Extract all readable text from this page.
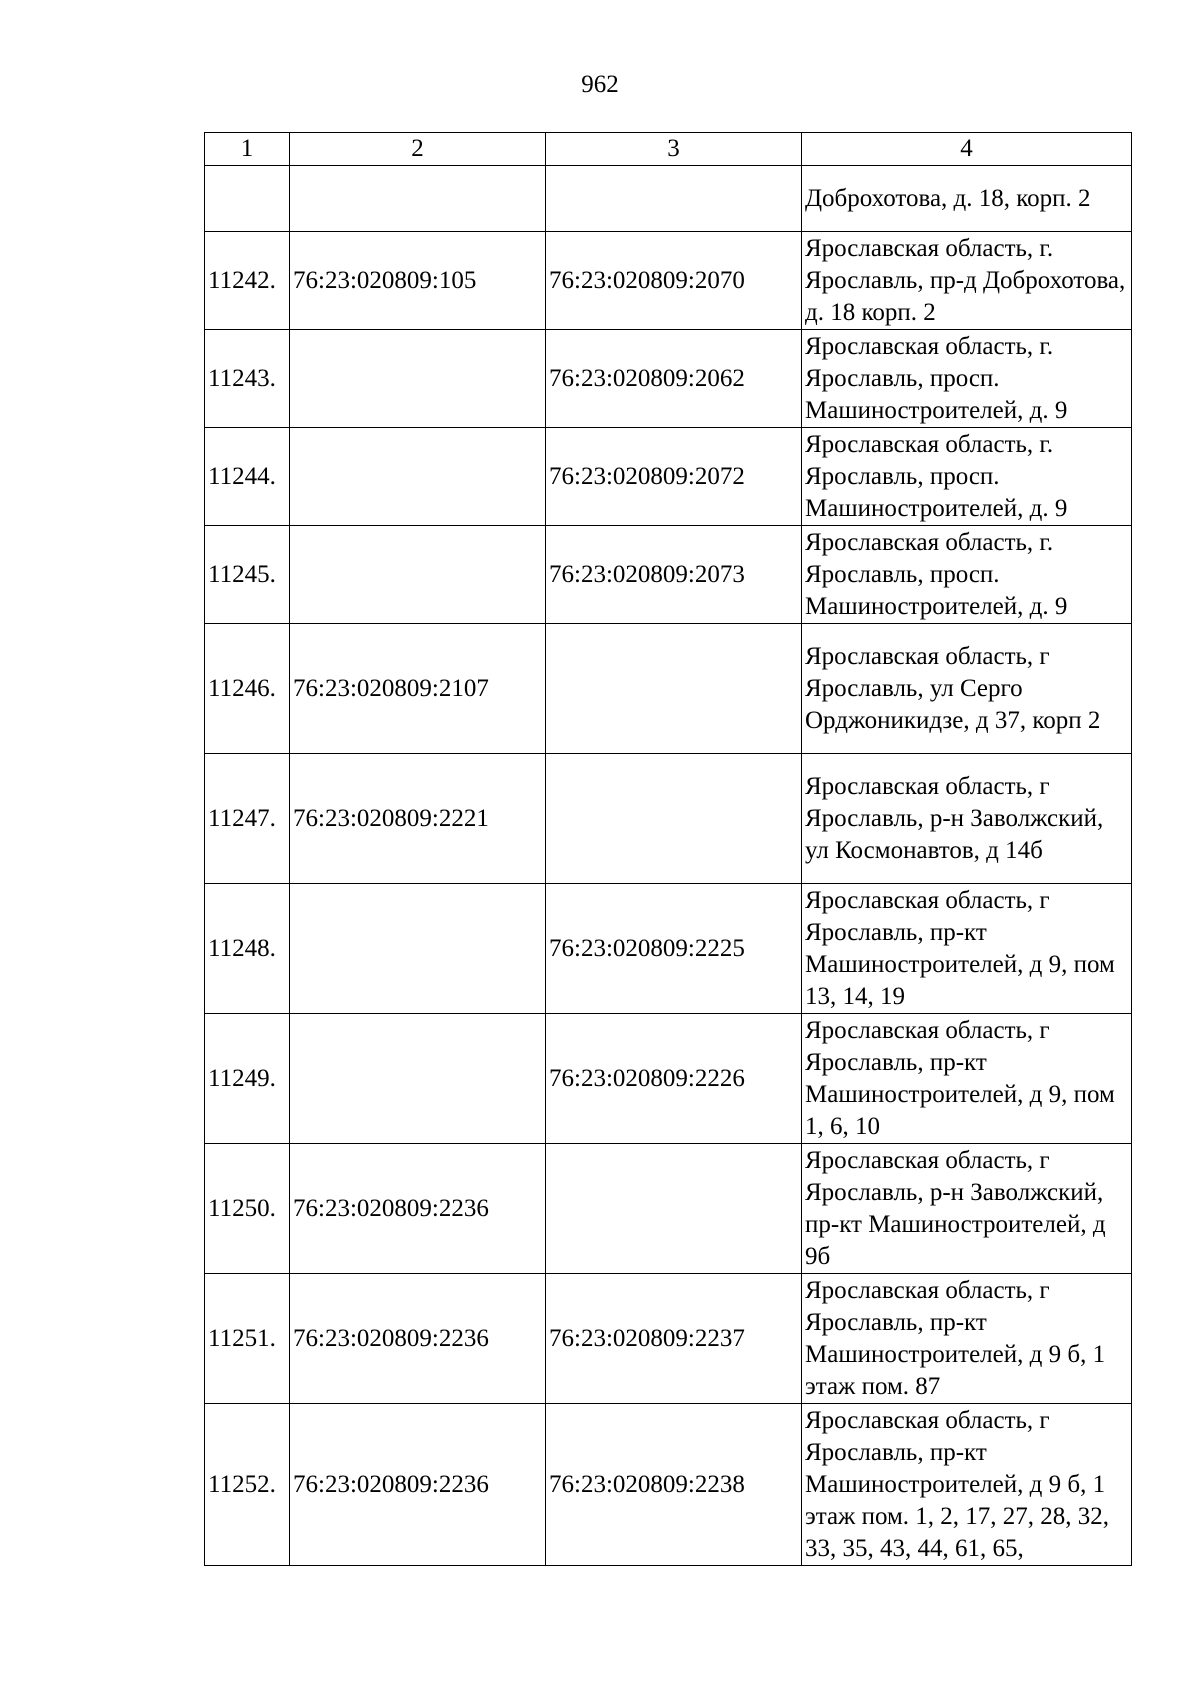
962
1	2	3	4
			Доброхотова, д. 18, корп. 2
11242.	76:23:020809:105	76:23:020809:2070	Ярославская область, г. Ярославль, пр-д Доброхотова, д. 18 корп. 2
11243.		76:23:020809:2062	Ярославская область, г. Ярославль, просп. Машиностроителей, д. 9
11244.		76:23:020809:2072	Ярославская область, г. Ярославль, просп. Машиностроителей, д. 9
11245.		76:23:020809:2073	Ярославская область, г. Ярославль, просп. Машиностроителей, д. 9
11246.	76:23:020809:2107		Ярославская область, г Ярославль, ул Серго Орджоникидзе, д 37, корп 2
11247.	76:23:020809:2221		Ярославская область, г Ярославль, р-н Заволжский, ул Космонавтов, д 14б
11248.		76:23:020809:2225	Ярославская область, г Ярославль, пр-кт Машиностроителей, д 9, пом 13, 14, 19
11249.		76:23:020809:2226	Ярославская область, г Ярославль, пр-кт Машиностроителей, д 9, пом 1, 6, 10
11250.	76:23:020809:2236		Ярославская область, г Ярославль, р-н Заволжский, пр-кт Машиностроителей, д 9б
11251.	76:23:020809:2236	76:23:020809:2237	Ярославская область, г Ярославль, пр-кт Машиностроителей, д 9 б, 1 этаж пом. 87
11252.	76:23:020809:2236	76:23:020809:2238	Ярославская область, г Ярославль, пр-кт Машиностроителей, д 9 б, 1 этаж пом. 1, 2, 17, 27, 28, 32, 33, 35, 43, 44, 61, 65,
